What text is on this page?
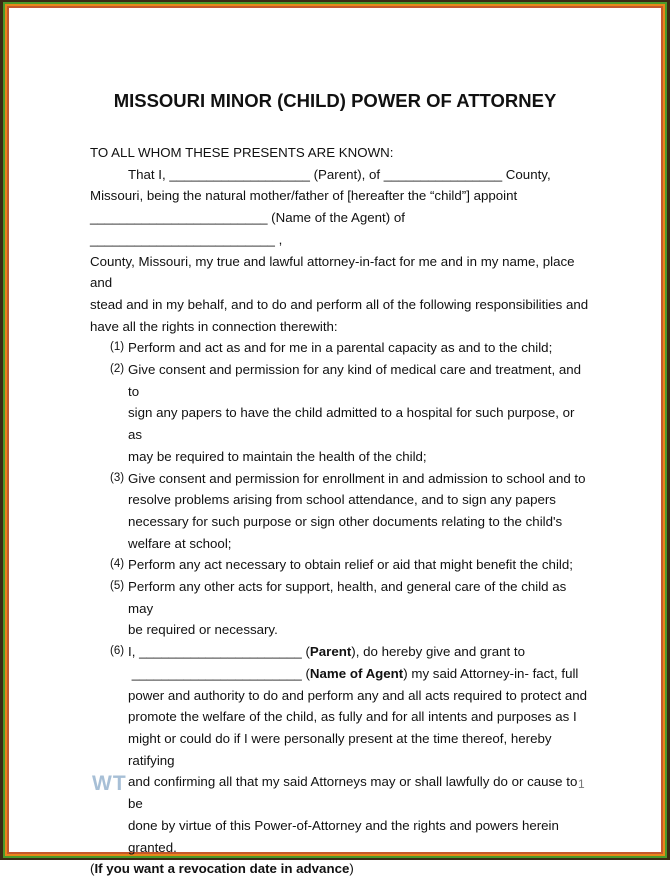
MISSOURI MINOR (CHILD) POWER OF ATTORNEY

TO ALL WHOM THESE PRESENTS ARE KNOWN:

That I, ___________________ (Parent), of ________________ County,

Missouri, being the natural mother/father of [hereafter the “child”] appoint

________________________ (Name of the Agent) of _________________________ ,

County, Missouri, my true and lawful attorney-in-fact for me and in my name, place and

stead and in my behalf, and to do and perform all of the following responsibilities and

have all the rights in connection therewith:

(1) Perform and act as and for me in a parental capacity as and to the child;
(2) Give consent and permission for any kind of medical care and treatment, and to
sign any papers to have the child admitted to a hospital for such purpose, or as
may be required to maintain the health of the child;
(3) Give consent and permission for enrollment in and admission to school and to
resolve problems arising from school attendance, and to sign any papers
necessary for such purpose or sign other documents relating to the child's
welfare at school;
(4) Perform any act necessary to obtain relief or aid that might benefit the child;
(5) Perform any other acts for support, health, and general care of the child as may
be required or necessary.
(6) I, ______________________ (Parent), do hereby give and grant to
_______________________ (Name of Agent) my said Attorney-in- fact, full
power and authority to do and perform any and all acts required to protect and
promote the welfare of the child, as fully and for all intents and purposes as I
might or could do if I were personally present at the time thereof, hereby ratifying
and confirming all that my said Attorneys may or shall lawfully do or cause to be
done by virtue of this Power-of-Attorney and the rights and powers herein
granted.

(If you want a revocation date in advance)

WT	1
